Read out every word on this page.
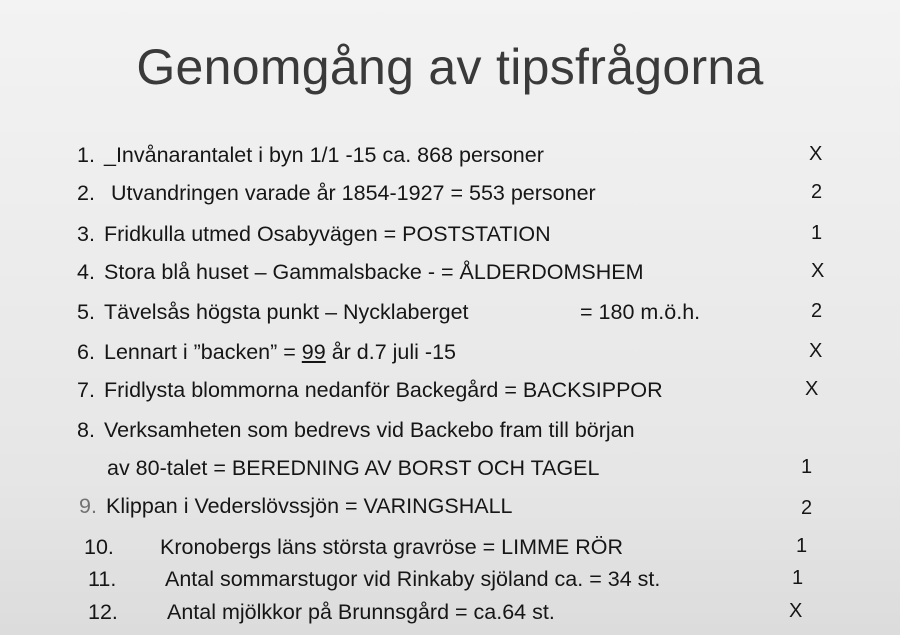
Genomgång av tipsfrågorna
1. _Invånarantalet i byn 1/1 -15 ca. 868 personer	X
2. Utvandringen varade år 1854-1927 = 553 personer	2
3. Fridkulla utmed Osabyvägen = POSTSTATION	1
4. Stora blå huset – Gammalsbacke - = ÅLDERDOMSHEM	X
5. Tävelsås högsta punkt – Nycklaberget	= 180 m.ö.h.	2
6. Lennart i ”backen” = 99 år d.7 juli -15	X
7. Fridlysta blommorna nedanför Backegård = BACKSIPPOR	X
8. Verksamheten som bedrevs vid Backebo fram till början
av 80-talet = BEREDNING AV BORST OCH TAGEL	1
9. Klippan i Vederslövssjön = VARINGSHALL	2
10. Kronobergs läns största gravröse = LIMME RÖR	1
11. Antal sommarstugor vid Rinkaby sjöland ca. = 34 st.	1
12. Antal mjölkkor på Brunnsgård = ca.64 st.	X
